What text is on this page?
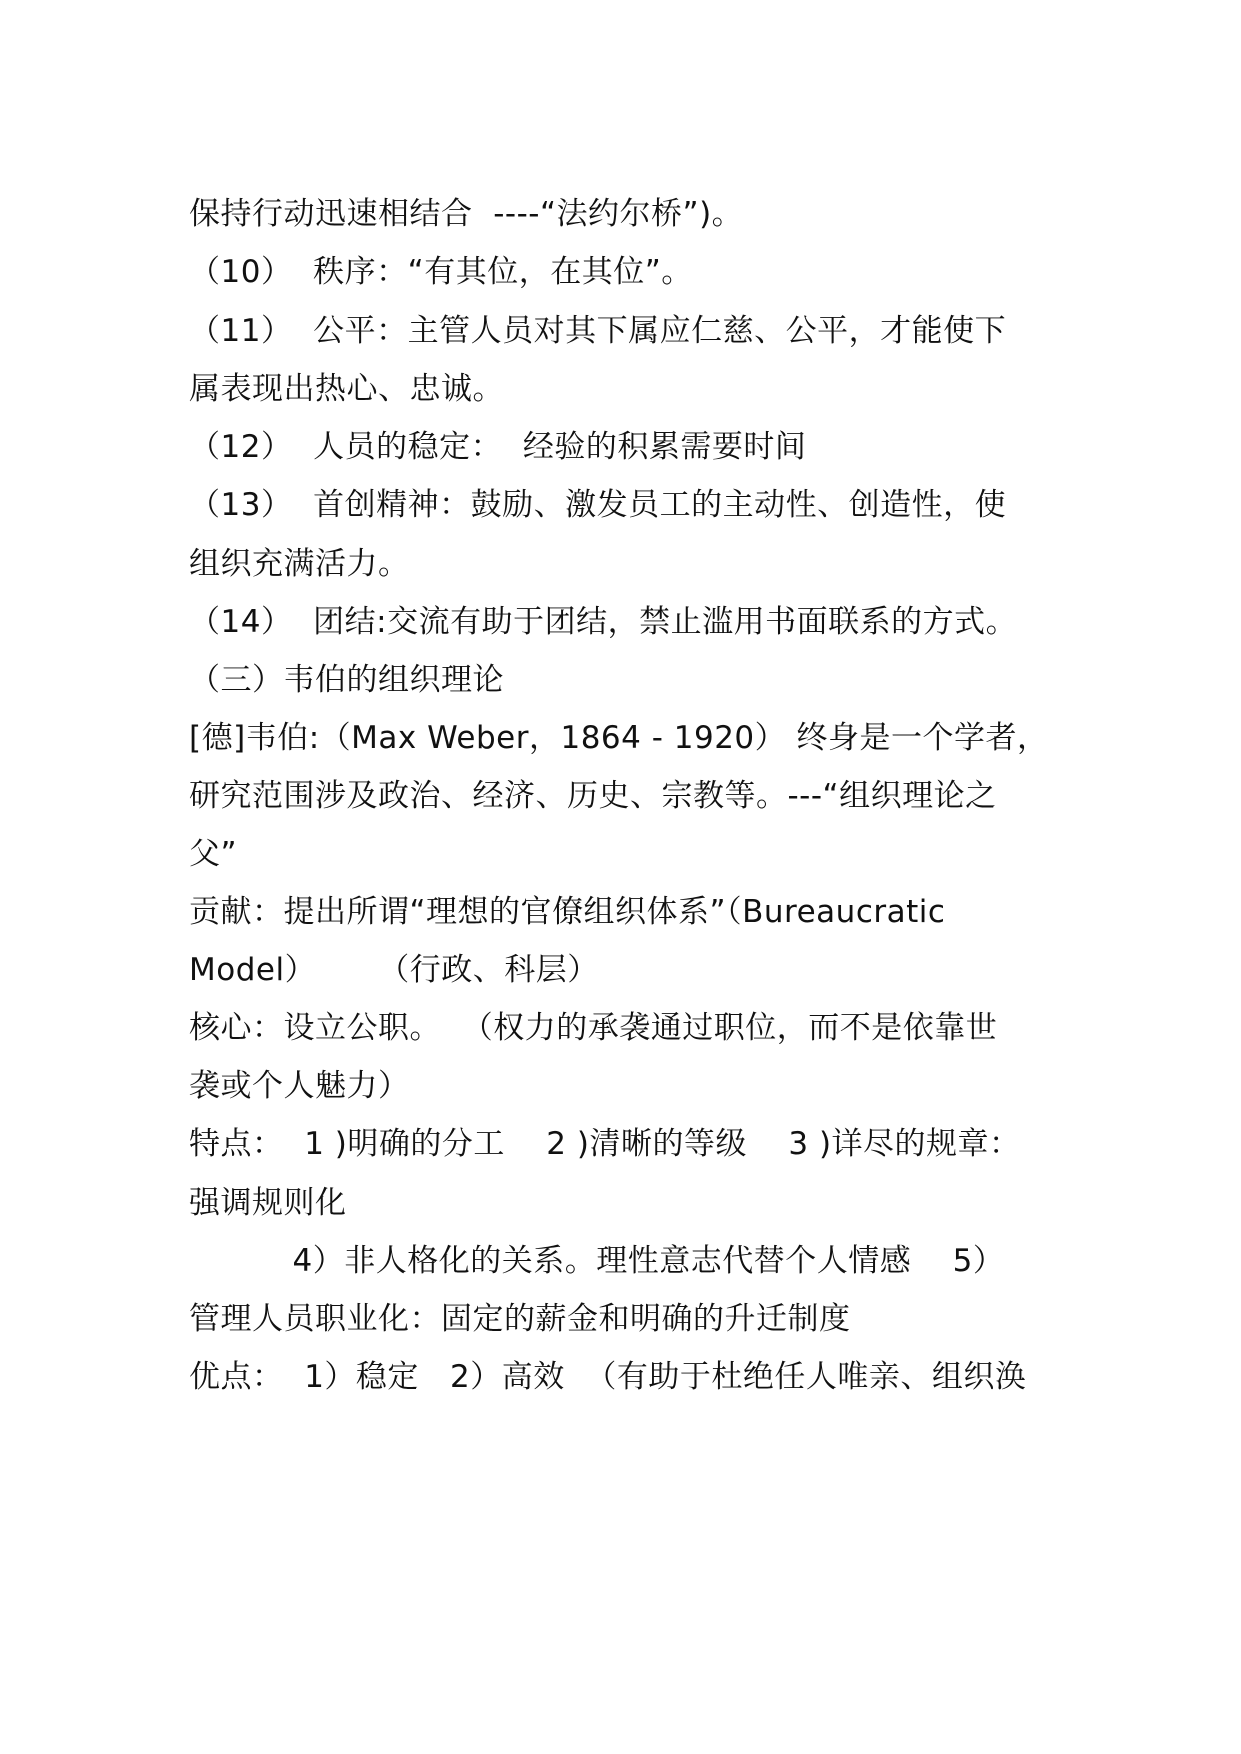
保持行动迅速相结合  ----“法约尔桥”)。
（10）  秩序：“有其位，在其位”。
（11）  公平：主管人员对其下属应仁慈、公平，才能使下
属表现出热心、忠诚。
（12）  人员的稳定：  经验的积累需要时间
（13）  首创精神：鼓励、激发员工的主动性、创造性，使
组织充满活力。
（14）  团结:交流有助于团结，禁止滥用书面联系的方式。
（三）韦伯的组织理论
[德]韦伯:（Max Weber，1864 - 1920） 终身是一个学者，
研究范围涉及政治、经济、历史、宗教等。---“组织理论之
父”
贡献：提出所谓“理想的官僚组织体系”（Bureaucratic
Model）      （行政、科层）
核心：设立公职。  （权力的承袭通过职位，而不是依靠世
袭或个人魅力）
特点：  1 )明确的分工    2 )清晰的等级    3 )详尽的规章：
强调规则化
4）非人格化的关系。理性意志代替个人情感    5）
管理人员职业化：固定的薪金和明确的升迁制度
优点：  1）稳定   2）高效  （有助于杜绝任人唯亲、组织涣
